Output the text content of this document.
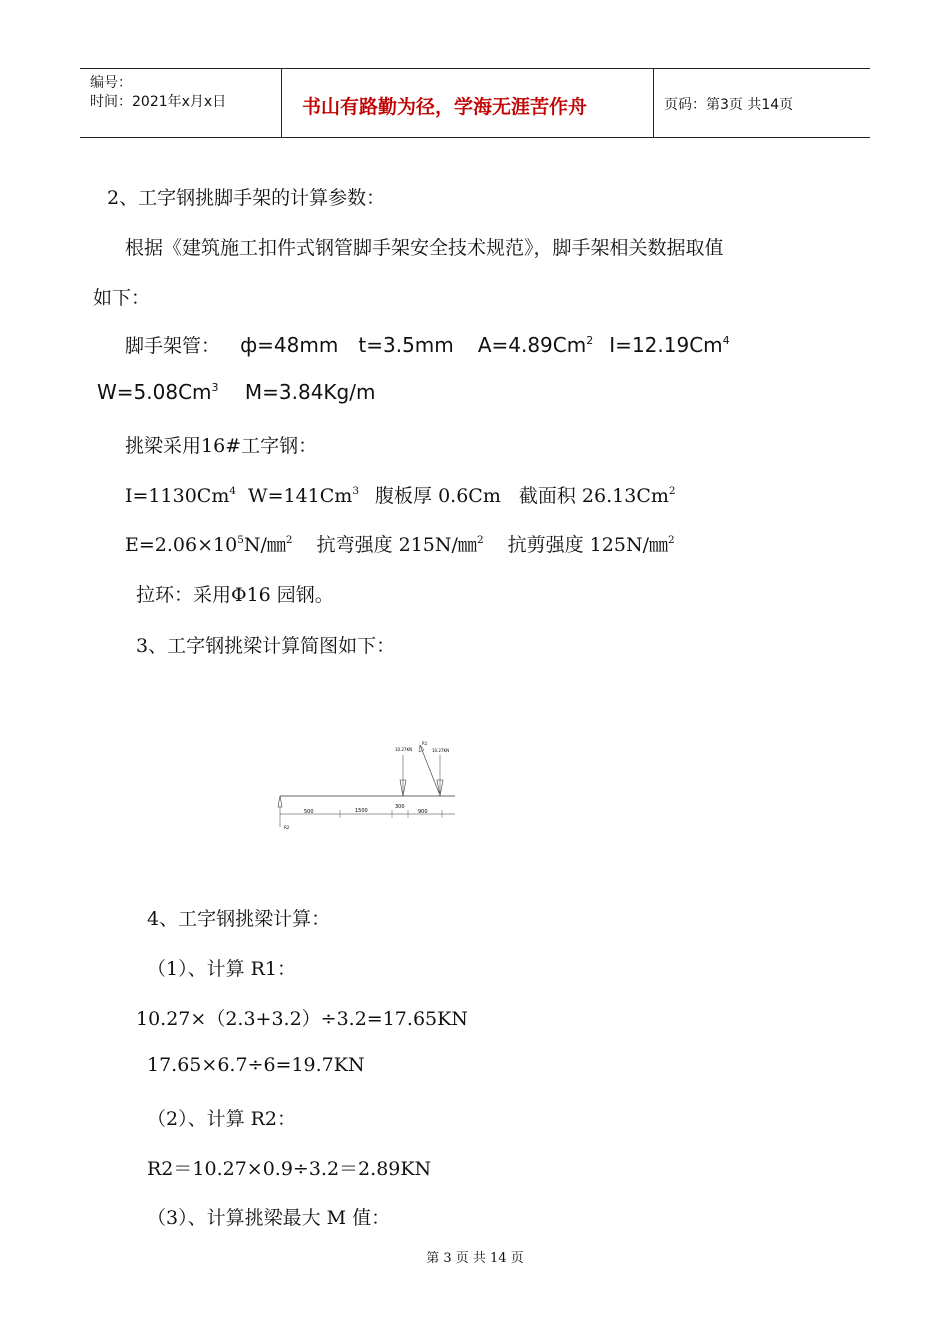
编号：
时间：2021年x月x日	书山有路勤为径，学海无涯苦作舟	页码：第3页 共14页
2、工字钢挑脚手架的计算参数：
根据《建筑施工扣件式钢管脚手架安全技术规范》，脚手架相关数据取值
如下：
脚手架管： ф=48mm t=3.5mm $A=4.89Cm^2$ $I=12.19Cm^4$
$W=5.08Cm^3$ M=3.84Kg/m
挑梁采用16#工字钢：
$I=1130Cm^4$ $W=141Cm^3$ 腹板厚 0.6Cm 截面积 26.13Cm$^2$
$E=2.06\times 10^5N/㎜^2$ 抗弯强度 215N/㎜$^2$ 抗剪强度 125N/㎜$^2$
拉环：采用Φ16 园钢。
3、工字钢挑梁计算简图如下：
500	1500
300
900
10.27KN	10.27KN
R1
R2
4、工字钢挑梁计算：
（1）、计算 R1：
10.27×（2.3+3.2）÷3.2=17.65KN
17.65×6.7÷6=19.7KN
（2）、计算 R2：
R2＝10.27×0.9÷3.2＝2.89KN
（3）、计算挑梁最大 M 值：
第 3 页 共 14 页
